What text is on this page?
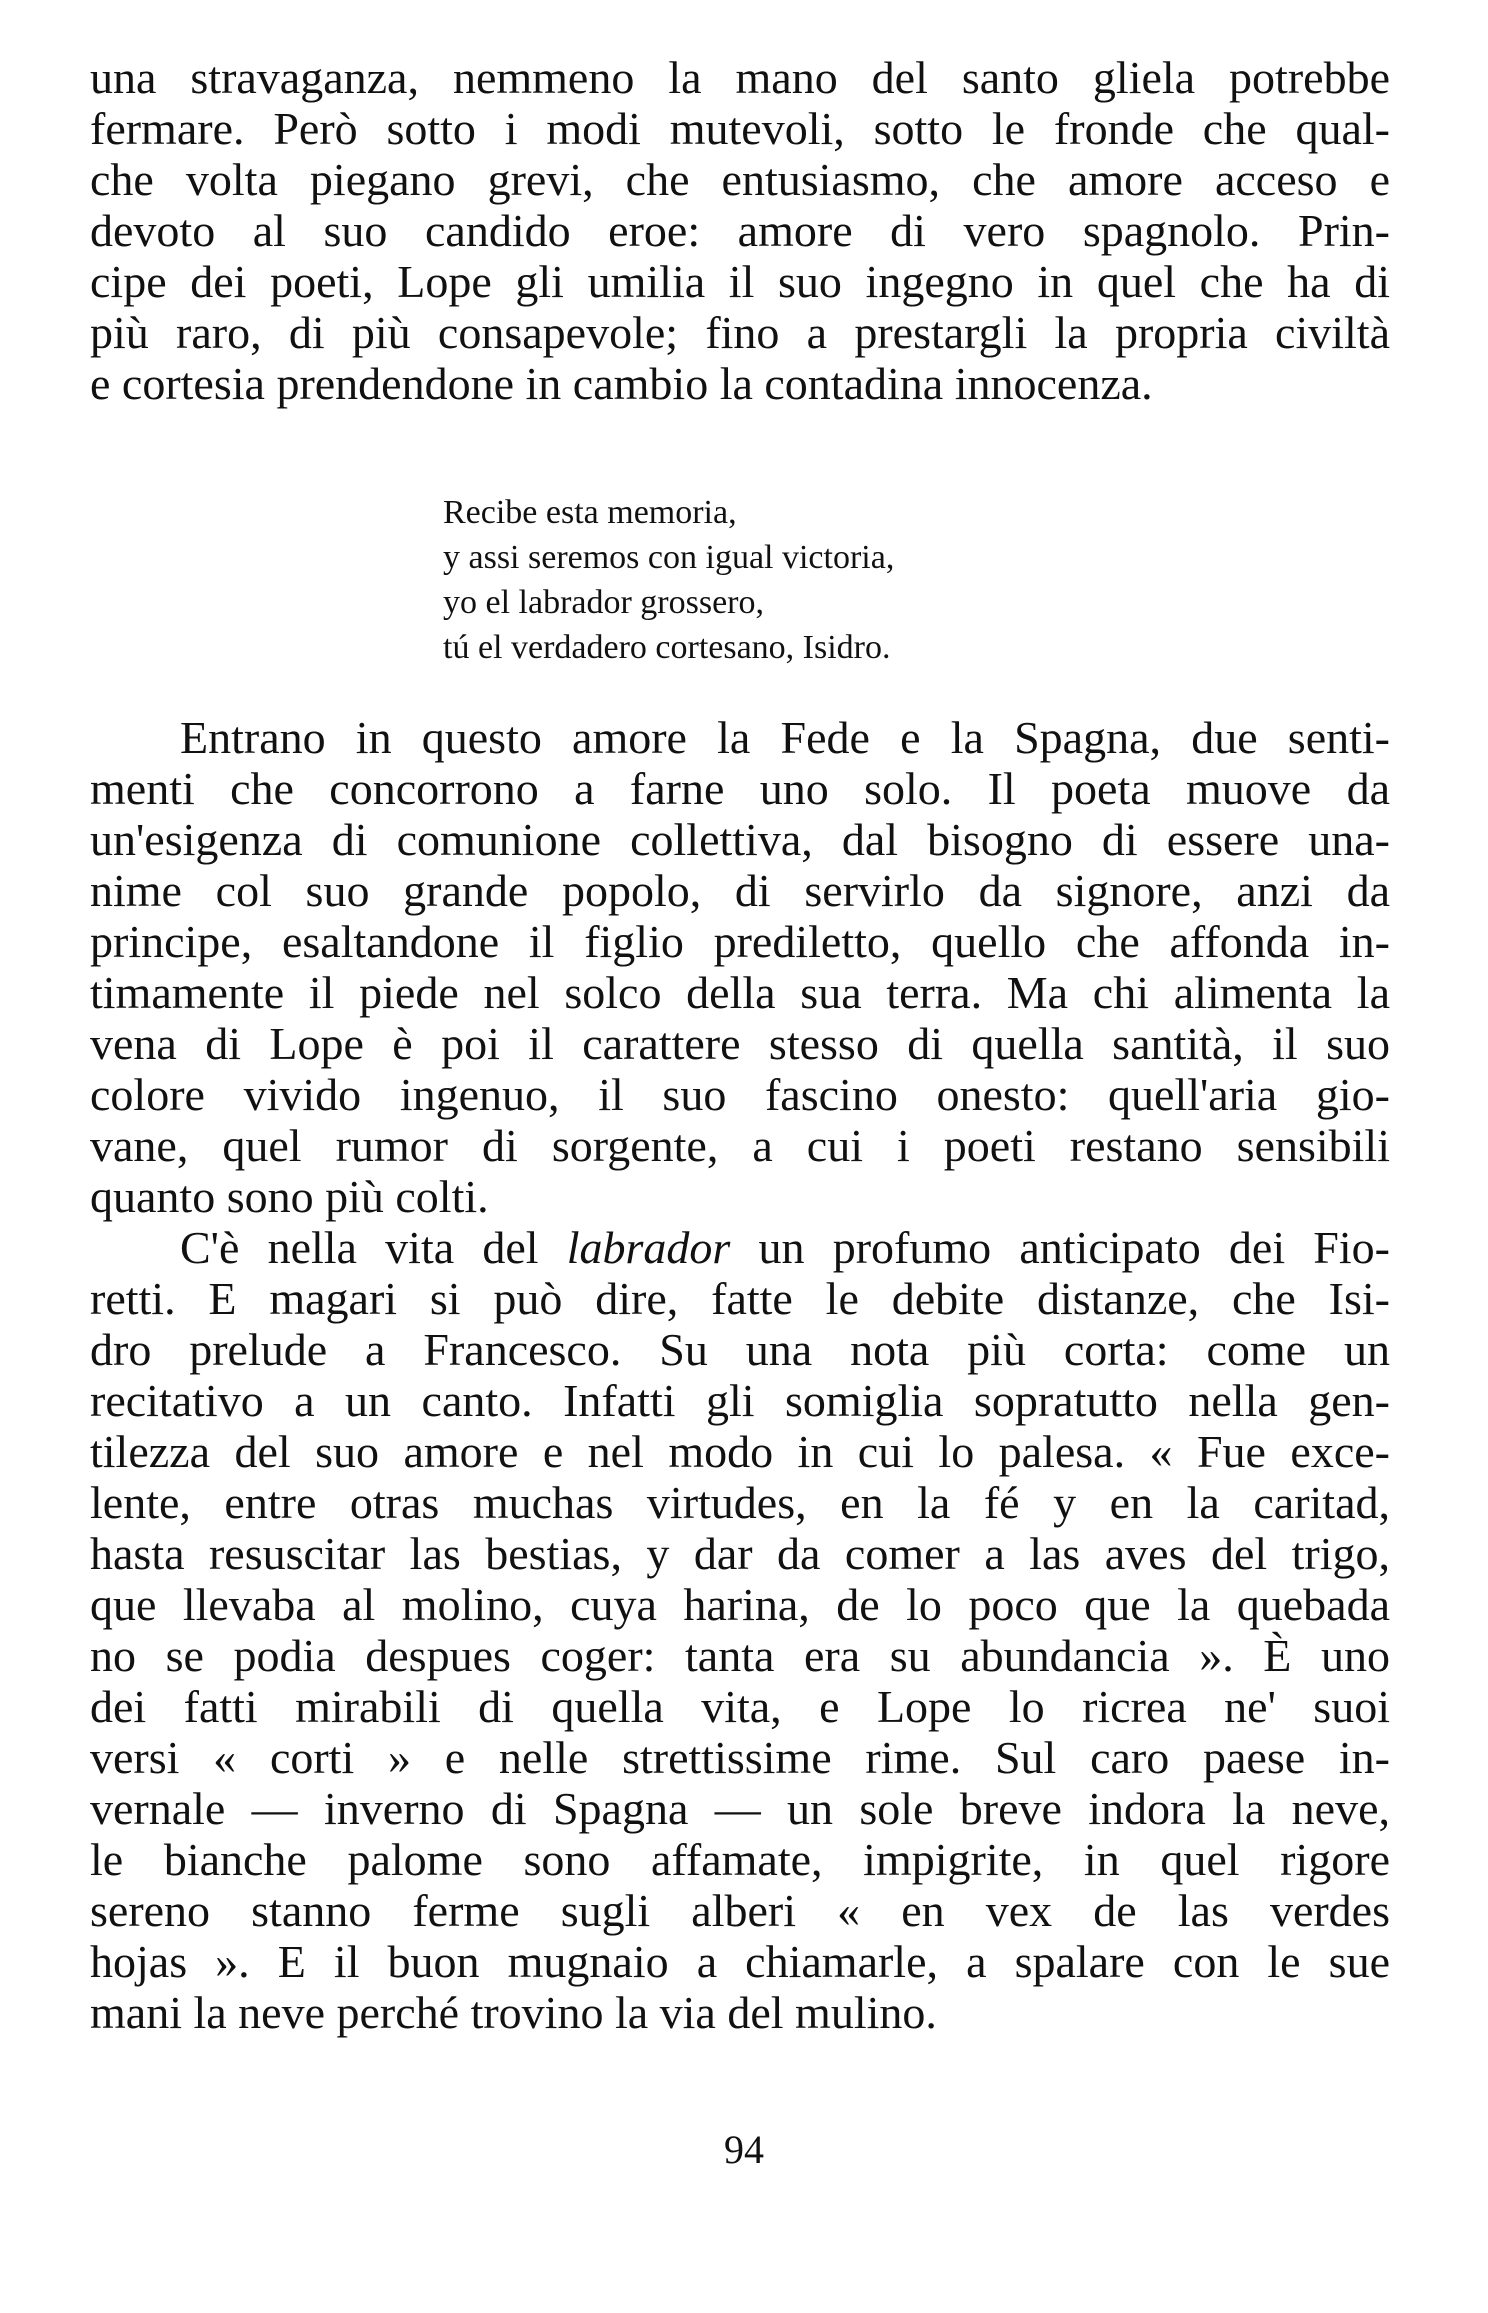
una stravaganza, nemmeno la mano del santo gliela potrebbe
fermare. Però sotto i modi mutevoli, sotto le fronde che qual-
che volta piegano grevi, che entusiasmo, che amore acceso e
devoto al suo candido eroe: amore di vero spagnolo. Prin-
cipe dei poeti, Lope gli umilia il suo ingegno in quel che ha di
più raro, di più consapevole; fino a prestargli la propria civiltà
e cortesia prendendone in cambio la contadina innocenza.
Recibe esta memoria,
y assi seremos con igual victoria,
yo el labrador grossero,
tú el verdadero cortesano, Isidro.
Entrano in questo amore la Fede e la Spagna, due senti-
menti che concorrono a farne uno solo. Il poeta muove da
un'esigenza di comunione collettiva, dal bisogno di essere una-
nime col suo grande popolo, di servirlo da signore, anzi da
principe, esaltandone il figlio prediletto, quello che affonda in-
timamente il piede nel solco della sua terra. Ma chi alimenta la
vena di Lope è poi il carattere stesso di quella santità, il suo
colore vivido ingenuo, il suo fascino onesto: quell'aria gio-
vane, quel rumor di sorgente, a cui i poeti restano sensibili
quanto sono più colti.
C'è nella vita del labrador un profumo anticipato dei Fio-
retti. E magari si può dire, fatte le debite distanze, che Isi-
dro prelude a Francesco. Su una nota più corta: come un
recitativo a un canto. Infatti gli somiglia sopratutto nella gen-
tilezza del suo amore e nel modo in cui lo palesa. « Fue exce-
lente, entre otras muchas virtudes, en la fé y en la caritad,
hasta resuscitar las bestias, y dar da comer a las aves del trigo,
que llevaba al molino, cuya harina, de lo poco que la quebada
no se podia despues coger: tanta era su abundancia ». È uno
dei fatti mirabili di quella vita, e Lope lo ricrea ne' suoi
versi « corti » e nelle strettissime rime. Sul caro paese in-
vernale — inverno di Spagna — un sole breve indora la neve,
le bianche palome sono affamate, impigrite, in quel rigore
sereno stanno ferme sugli alberi « en vex de las verdes
hojas ». E il buon mugnaio a chiamarle, a spalare con le sue
mani la neve perché trovino la via del mulino.
94
